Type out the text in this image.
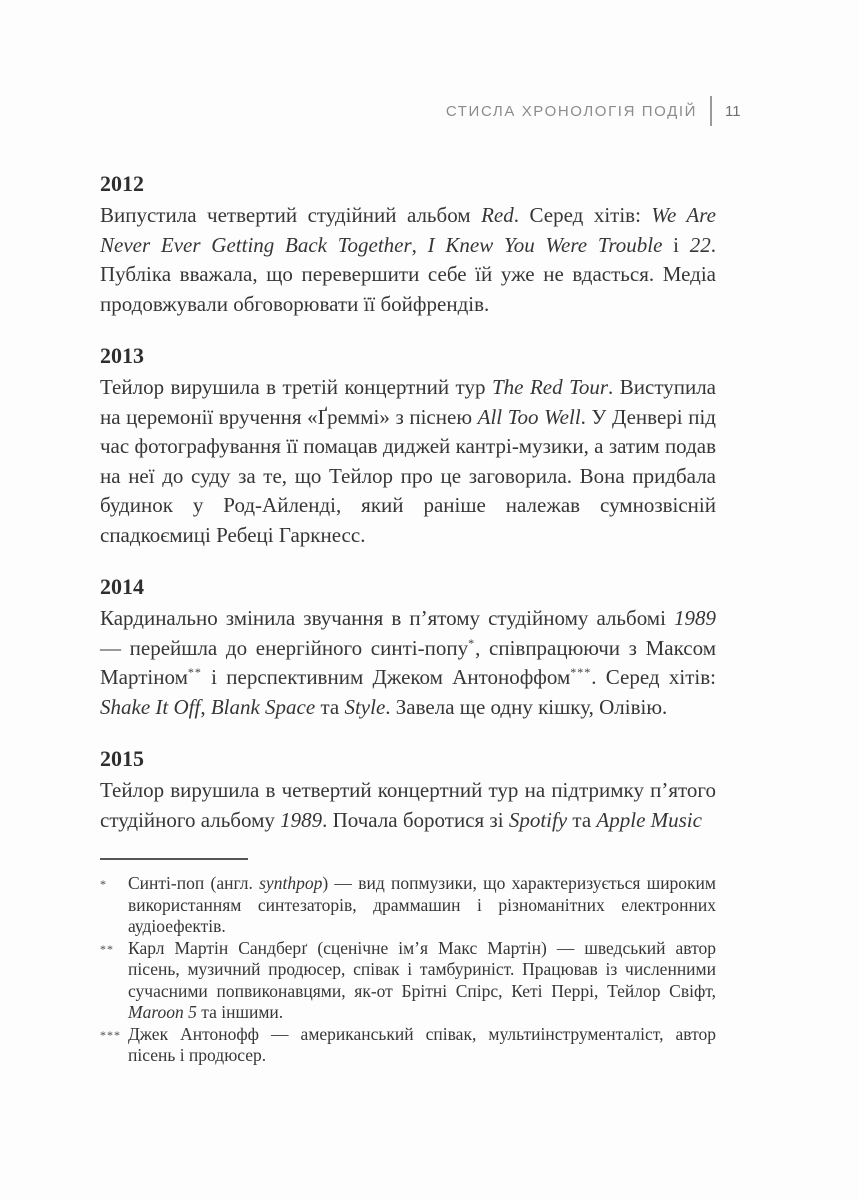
СТИСЛА ХРОНОЛОГІЯ ПОДІЙ 11
2012

Випустила четвертий студійний альбом Red. Серед хітів: We Are Never Ever Getting Back Together, I Knew You Were Trouble і 22. Публіка вважала, що перевершити себе їй уже не вдасться. Медіа продовжували обговорювати її бойфрендів.

2013

Тейлор вирушила в третій концертний тур The Red Tour. Виступила на церемонії вручення «Ґреммі» з піснею All Too Well. У Денвері під час фотографування її помацав диджей кантрі-музики, а затим подав на неї до суду за те, що Тейлор про це заговорила. Вона придбала будинок у Род-Айленді, який раніше належав сумнозвісній спадкоємиці Ребеці Гаркнесс.

2014

Кардинально змінила звучання в п’ятому студійному альбомі 1989 — перейшла до енергійного синті-попу*, співпрацюючи з Максом Мартіном** і перспективним Джеком Антоноффом***. Серед хітів: Shake It Off, Blank Space та Style. Завела ще одну кішку, Олівію.

2015

Тейлор вирушила в четвертий концертний тур на підтримку п’ятого студійного альбому 1989. Почала боротися зі Spotify та Apple Music

* Синті-поп (англ. synthpop) — вид попмузики, що характеризується широким використанням синтезаторів, драммашин і різноманітних електронних аудіоефектів.
** Карл Мартін Сандберґ (сценічне ім’я Макс Мартін) — шведський автор пісень, музичний продюсер, співак і тамбуриніст. Працював із численними сучасними попвиконавцями, як-от Брітні Спірс, Кеті Перрі, Тейлор Свіфт, Maroon 5 та іншими.
*** Джек Антонофф — американський співак, мультиінструменталіст, автор пісень і продюсер.
